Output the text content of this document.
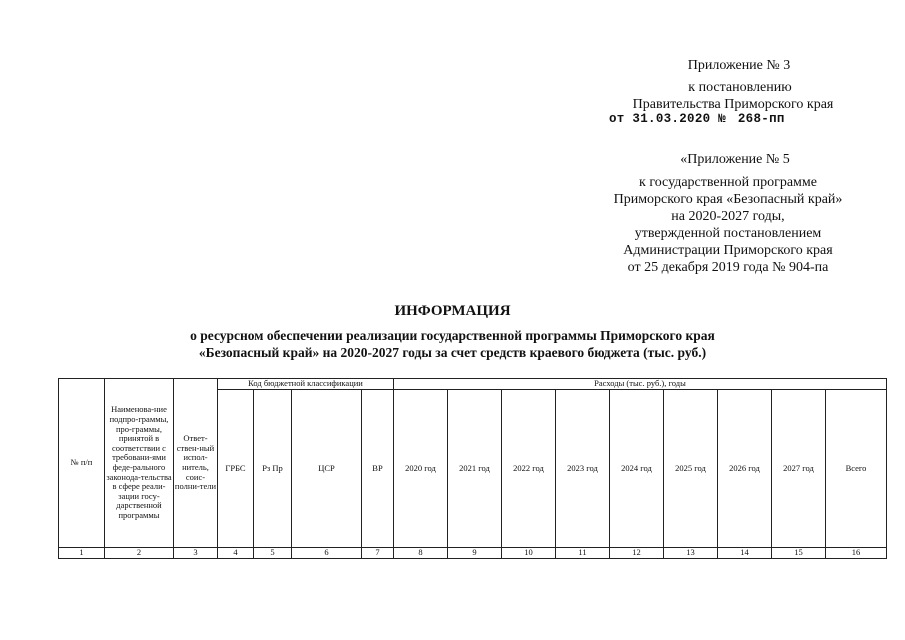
Приложение № 3
к постановлению
Правительства Приморского края
от 31.03.2020 № 268-пп
«Приложение № 5
к государственной программе
Приморского края «Безопасный край»
на 2020-2027 годы,
утвержденной постановлением
Администрации Приморского края
от 25 декабря 2019 года № 904-па
ИНФОРМАЦИЯ
о ресурсном обеспечении реализации государственной программы Приморского края
«Безопасный край» на 2020-2027 годы за счет средств краевого бюджета (тыс. руб.)
№ п/п	Наименова-ние подпро-граммы, про-граммы, принятой в соответствии с требовани-ями феде-рального законода-тельства в сфере реали-зации госу-дарственной программы	Ответ-ствен-ный испол-нитель, соис-полни-тели	Код бюджетной классификации				Расходы (тыс. руб.), годы								
			ГРБС	Рз Пр	ЦСР	ВР	2020 год	2021 год	2022 год	2023 год	2024 год	2025 год	2026 год	2027 год	Всего
1	2	3	4	5	6	7	8	9	10	11	12	13	14	15	16
